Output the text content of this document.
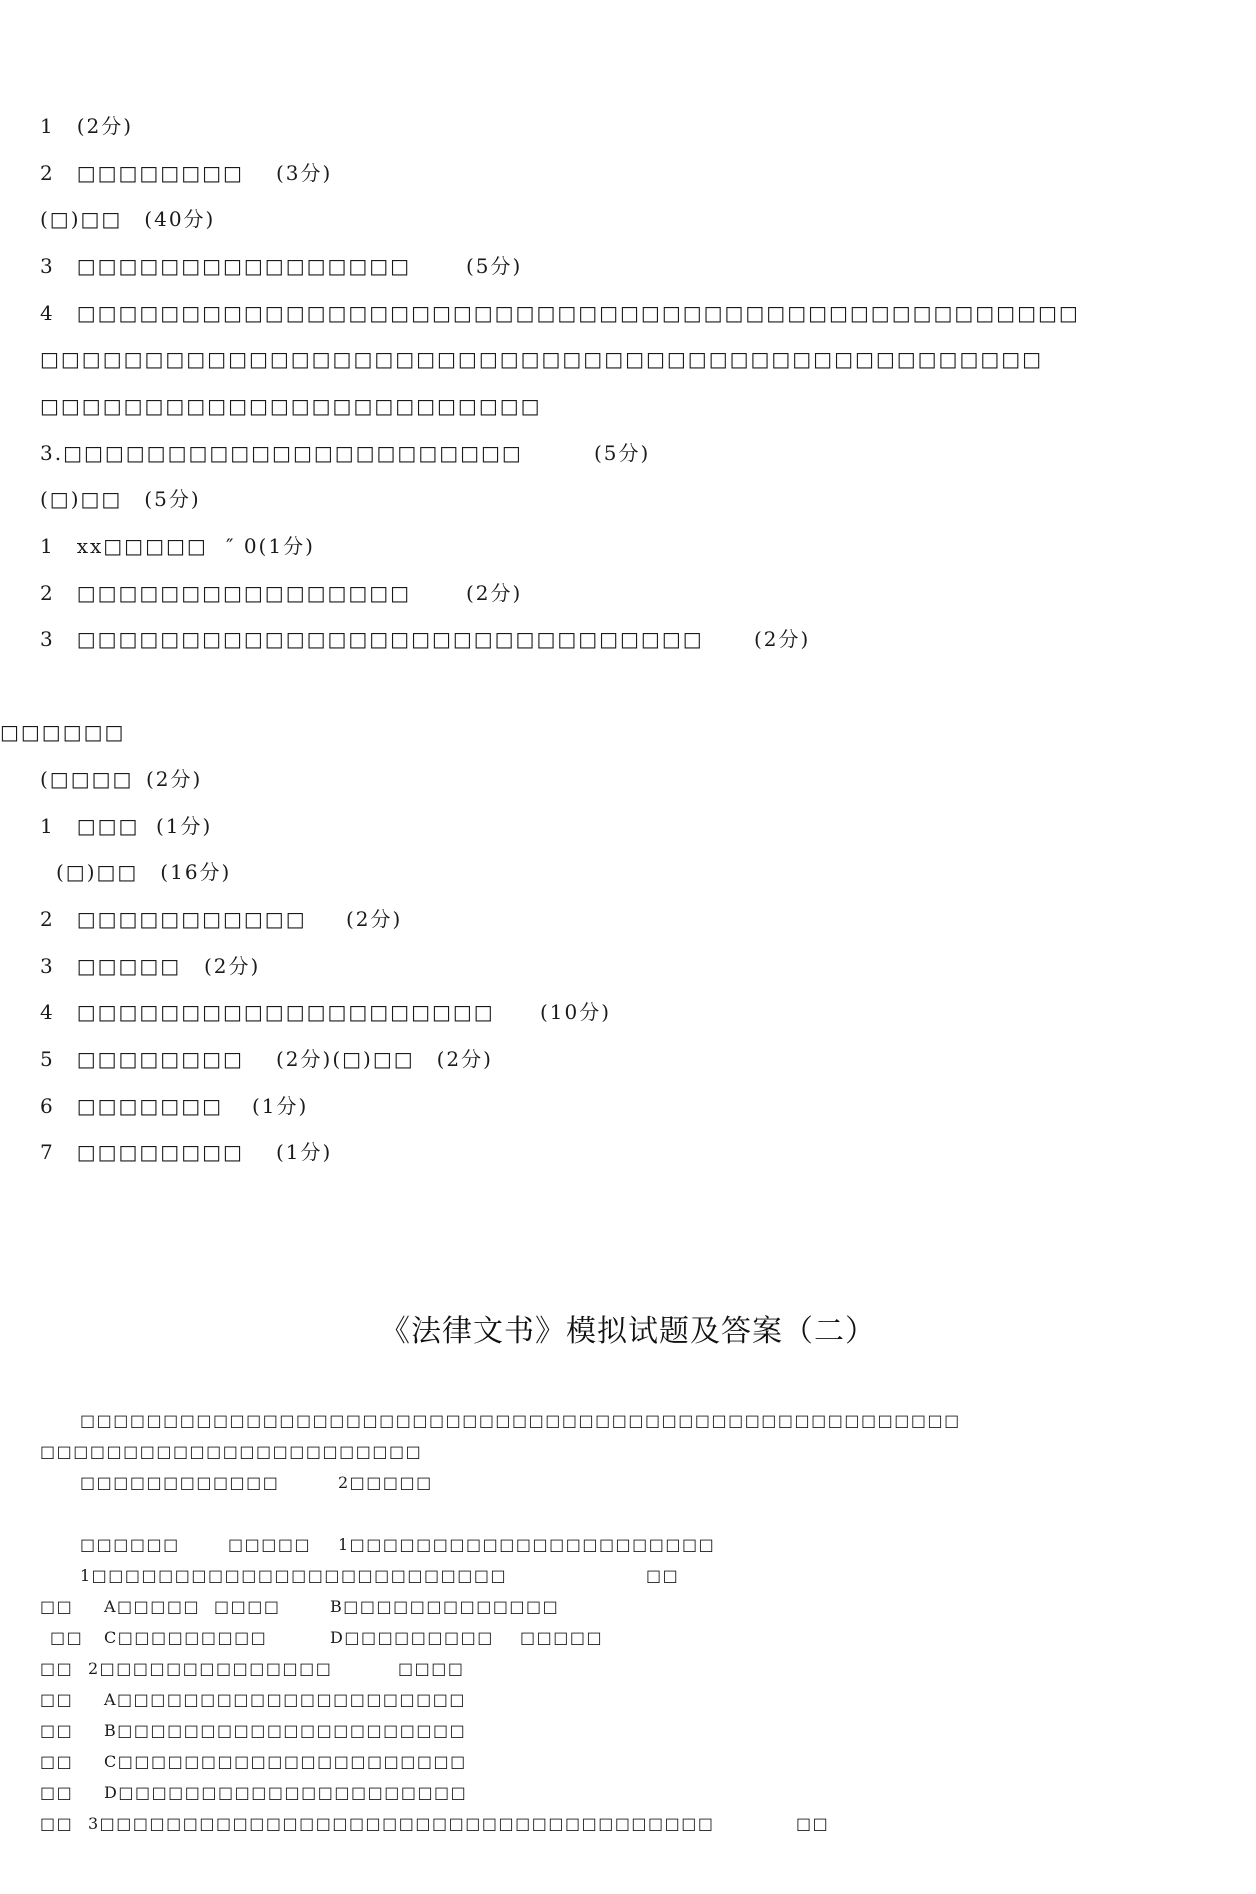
1　(2分)
2　□□□□□□□□ (3分)
(□)□□　(40分)
3　□□□□□□□□□□□□□□□□	(5分)
4　□□□□□□□□□□□□□□□□□□□□□□□□□□□□□□□□□□□□□□□□□□□□□□□□
□□□□□□□□□□□□□□□□□□□□□□□□□□□□□□□□□□□□□□□□□□□□□□□□
□□□□□□□□□□□□□□□□□□□□□□□□
3.□□□□□□□□□□□□□□□□□□□□□□	(5分)
(□)□□　(5分)
1　xx□□□□□ ″ 0(1分)
2　□□□□□□□□□□□□□□□□	(2分)
3　□□□□□□□□□□□□□□□□□□□□□□□□□□□□□□	(2分)
□□□□□□
(□□□□ (2分)
1　□□□ (1分)
(□)□□　(16分)
2　□□□□□□□□□□□ (2分)
3　□□□□□ (2分)
4　□□□□□□□□□□□□□□□□□□□□ (10分)
5　□□□□□□□□ (2分)(□)□□　(2分)
6　□□□□□□□ (1分)
7　□□□□□□□□ (1分)
《法律文书》模拟试题及答案（二）
□□□□□□□□□□□□□□□□□□□□□□□□□□□□□□□□□□□□□□□□□□□□□□□□□□□□□
□□□□□□□□□□□□□□□□□□□□□□□
□□□□□□□□□□□□	2□□□□□
□□□□□□	□□□□□ 1□□□□□□□□□□□□□□□□□□□□□□
1□□□□□□□□□□□□□□□□□□□□□□□□□	□□
□□ A□□□□□ □□□□	B□□□□□□□□□□□□□
□□ C□□□□□□□□□	D□□□□□□□□□ □□□□□
□□ 2□□□□□□□□□□□□□□	□□□□
□□ A□□□□□□□□□□□□□□□□□□□□□
□□ B□□□□□□□□□□□□□□□□□□□□□
□□ C□□□□□□□□□□□□□□□□□□□□□
□□ D□□□□□□□□□□□□□□□□□□□□□
□□ 3□□□□□□□□□□□□□□□□□□□□□□□□□□□□□□□□□□□□□	□□
